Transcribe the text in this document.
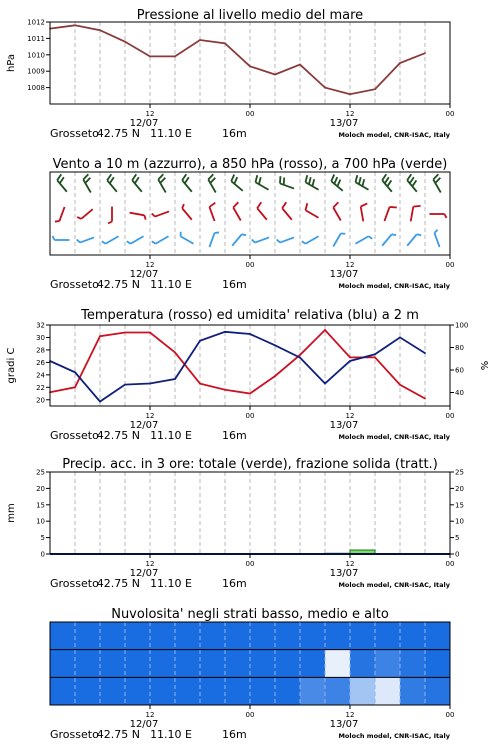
Pressione al livello medio del mare
1008
1009
1010
1011
1012
hPa
12	00	12	00
12/07	13/07
Grosseto
42.75 N 11.10 E	16m	Moloch model, CNR-ISAC, Italy
Vento a 10 m (azzurro), a 850 hPa (rosso), a 700 hPa (verde)
12	00	12	00
12/07	13/07
Grosseto
42.75 N 11.10 E	16m	Moloch model, CNR-ISAC, Italy
Temperatura (rosso) ed umidita' relativa (blu) a 2 m
20
22
24
26
28
30
32
40
60
80
100
gradi C	%
12	00	12	00
12/07	13/07
Grosseto
42.75 N 11.10 E	16m	Moloch model, CNR-ISAC, Italy
Precip. acc. in 3 ore: totale (verde), frazione solida (tratt.)
0
5
10
15
20
25
0
5
10
15
20
25
mm
12	00	12	00
12/07	13/07
Grosseto
42.75 N 11.10 E	16m	Moloch model, CNR-ISAC, Italy
Nuvolosita' negli strati basso, medio e alto
12	00	12	00
12/07	13/07
Grosseto
42.75 N 11.10 E	16m	Moloch model, CNR-ISAC, Italy
